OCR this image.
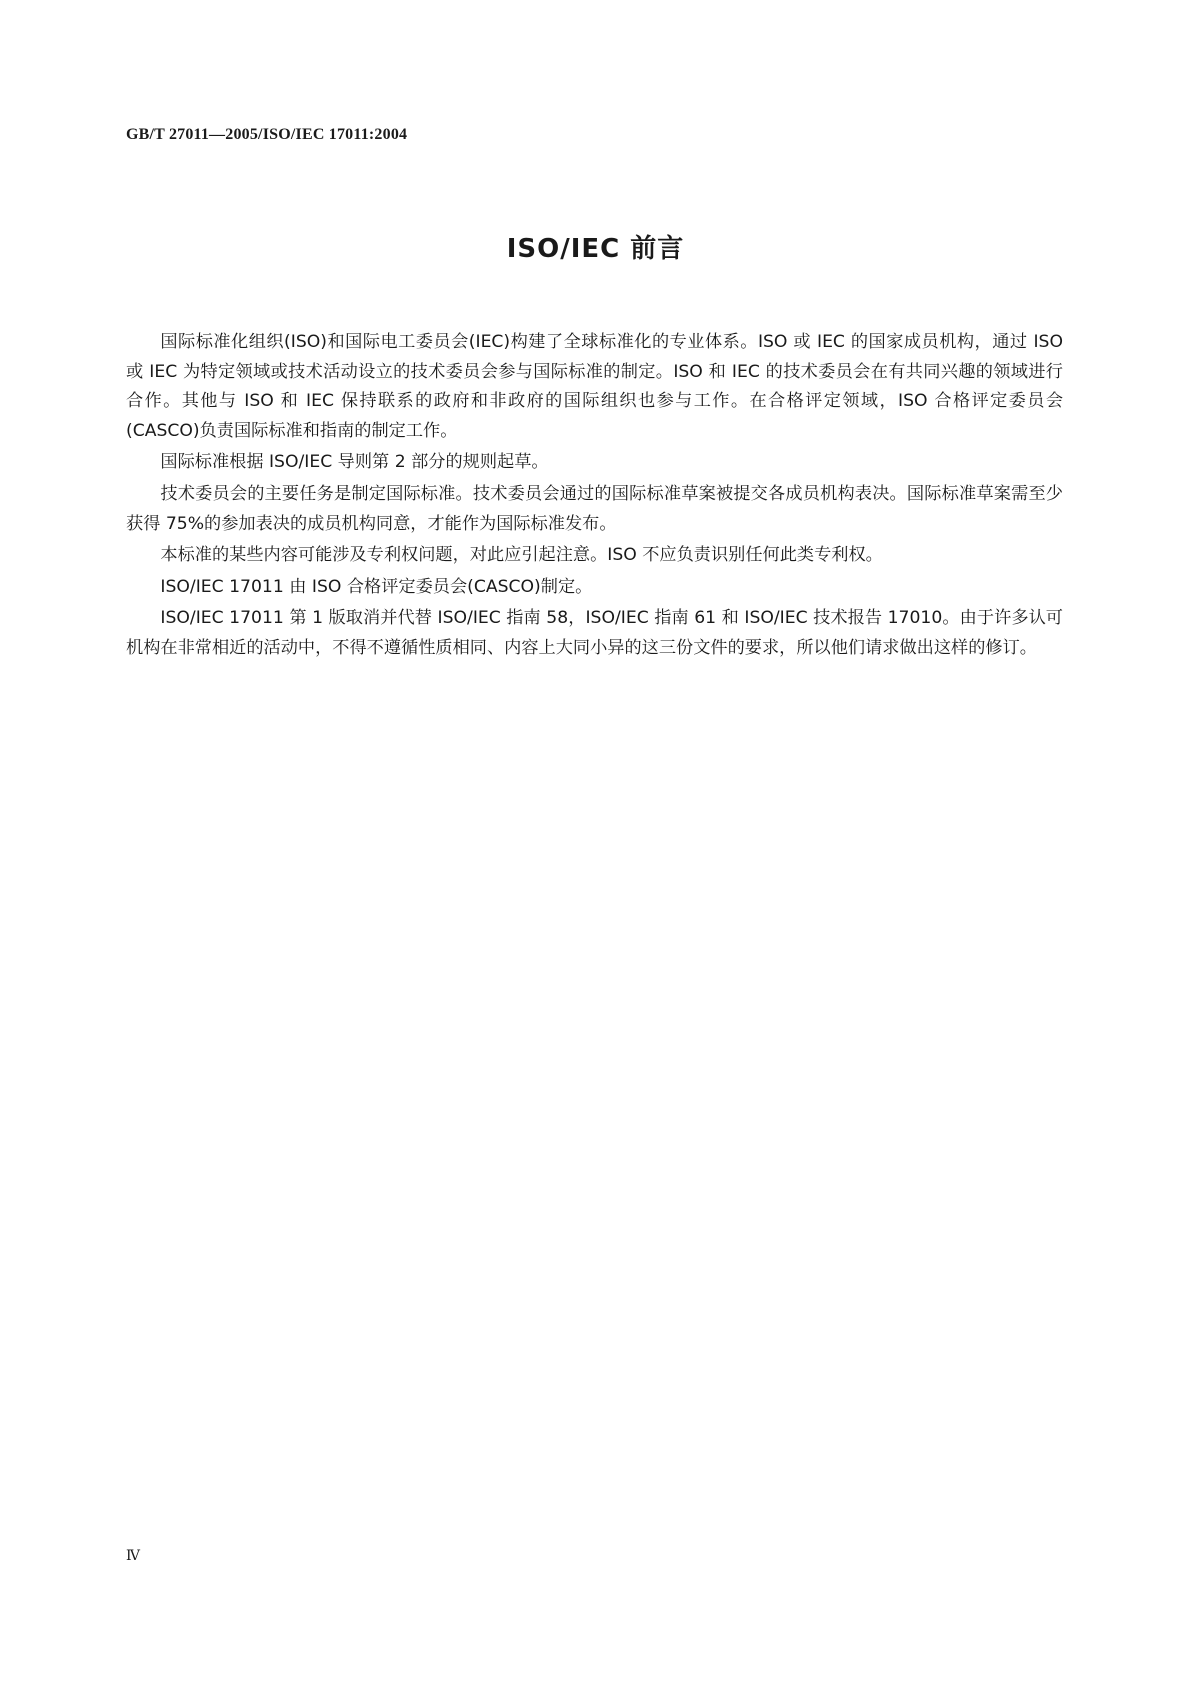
GB/T 27011—2005/ISO/IEC 17011:2004
ISO/IEC 前言

国际标准化组织(ISO)和国际电工委员会(IEC)构建了全球标准化的专业体系。ISO 或 IEC 的国家成员机构，通过 ISO 或 IEC 为特定领域或技术活动设立的技术委员会参与国际标准的制定。ISO 和 IEC 的技术委员会在有共同兴趣的领域进行合作。其他与 ISO 和 IEC 保持联系的政府和非政府的国际组织也参与工作。在合格评定领域，ISO 合格评定委员会(CASCO)负责国际标准和指南的制定工作。

国际标准根据 ISO/IEC 导则第 2 部分的规则起草。

技术委员会的主要任务是制定国际标准。技术委员会通过的国际标准草案被提交各成员机构表决。国际标准草案需至少获得 75%的参加表决的成员机构同意，才能作为国际标准发布。

本标准的某些内容可能涉及专利权问题，对此应引起注意。ISO 不应负责识别任何此类专利权。

ISO/IEC 17011 由 ISO 合格评定委员会(CASCO)制定。

ISO/IEC 17011 第 1 版取消并代替 ISO/IEC 指南 58，ISO/IEC 指南 61 和 ISO/IEC 技术报告 17010。由于许多认可机构在非常相近的活动中，不得不遵循性质相同、内容上大同小异的这三份文件的要求，所以他们请求做出这样的修订。

Ⅳ
